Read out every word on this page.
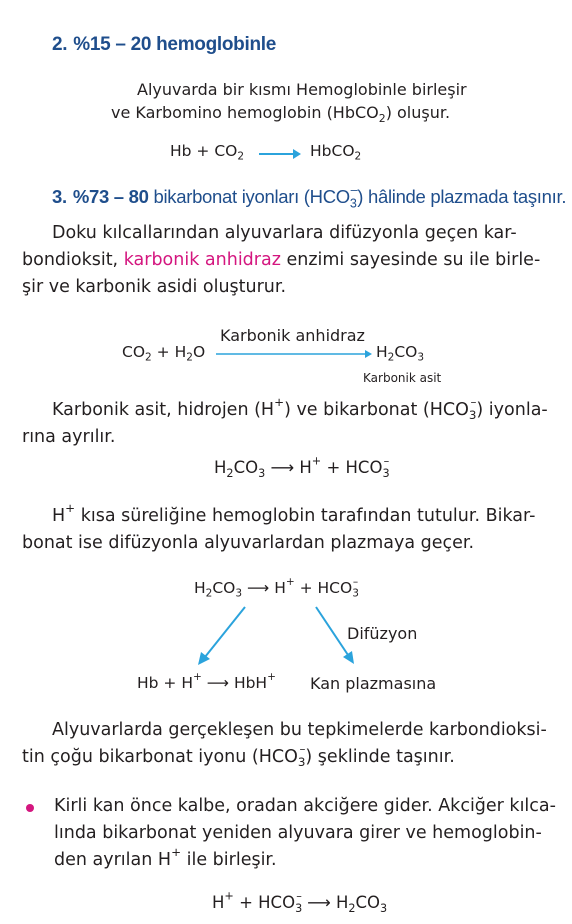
2. %15 – 20 hemoglobinle
Alyuvarda bir kısmı Hemoglobinle birleşir
ve Karbomino hemoglobin (HbCO$_2$) oluşur.
$Hb + CO_2$ → HbCO$_2$
3. %73 – 80 bikarbonat iyonları $(HCO_3^-)$ hâlinde plazmada taşınır.
Doku kılcallarından alyuvarlara difüzyonla geçen kar-
bondioksit, karbonik anhidraz enzimi sayesinde su ile birle-
şir ve karbonik asidi oluşturur.
Karbonik anhidraz
$CO_2 + H_2O$	$H_2CO_3$
Karbonik asit
Karbonik asit, hidrojen (H+) ve bikarbonat $(HCO_3^-)$ iyonla-
rına ayrılır.
$H_2CO_3$ ⟶ $H^+ + HCO_3^-$
H+ kısa süreliğine hemoglobin tarafından tutulur. Bikar-
bonat ise difüzyonla alyuvarlardan plazmaya geçer.
$H_2CO_3$ ⟶ $H^+ + HCO_3^-$
Difüzyon
Hb + H+ ⟶ HbH+ Kan plazmasına
Alyuvarlarda gerçekleşen bu tepkimelerde karbondioksi-
tin çoğu bikarbonat iyonu $(HCO_3^-)$ şeklinde taşınır.
Kirli kan önce kalbe, oradan akciğere gider. Akciğer kılca-
lında bikarbonat yeniden alyuvara girer ve hemoglobin-
den ayrılan H+ ile birleşir.
$H^+ + HCO_3^-$ ⟶ $H_2CO_3$
